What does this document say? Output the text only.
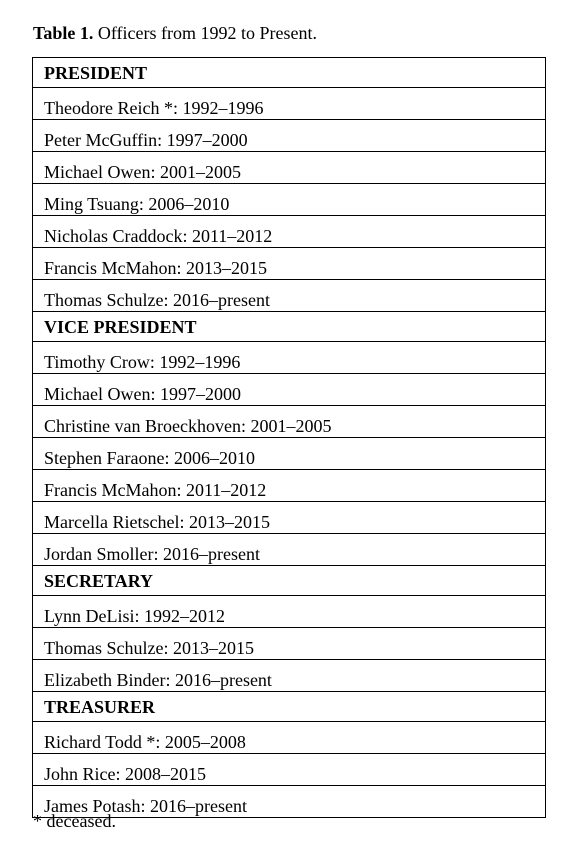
Table 1. Officers from 1992 to Present.
PRESIDENT
Theodore Reich *: 1992–1996
Peter McGuffin: 1997–2000
Michael Owen: 2001–2005
Ming Tsuang: 2006–2010
Nicholas Craddock: 2011–2012
Francis McMahon: 2013–2015
Thomas Schulze: 2016–present
VICE PRESIDENT
Timothy Crow: 1992–1996
Michael Owen: 1997–2000
Christine van Broeckhoven: 2001–2005
Stephen Faraone: 2006–2010
Francis McMahon: 2011–2012
Marcella Rietschel: 2013–2015
Jordan Smoller: 2016–present
SECRETARY
Lynn DeLisi: 1992–2012
Thomas Schulze: 2013–2015
Elizabeth Binder: 2016–present
TREASURER
Richard Todd *: 2005–2008
John Rice: 2008–2015
James Potash: 2016–present
* deceased.
